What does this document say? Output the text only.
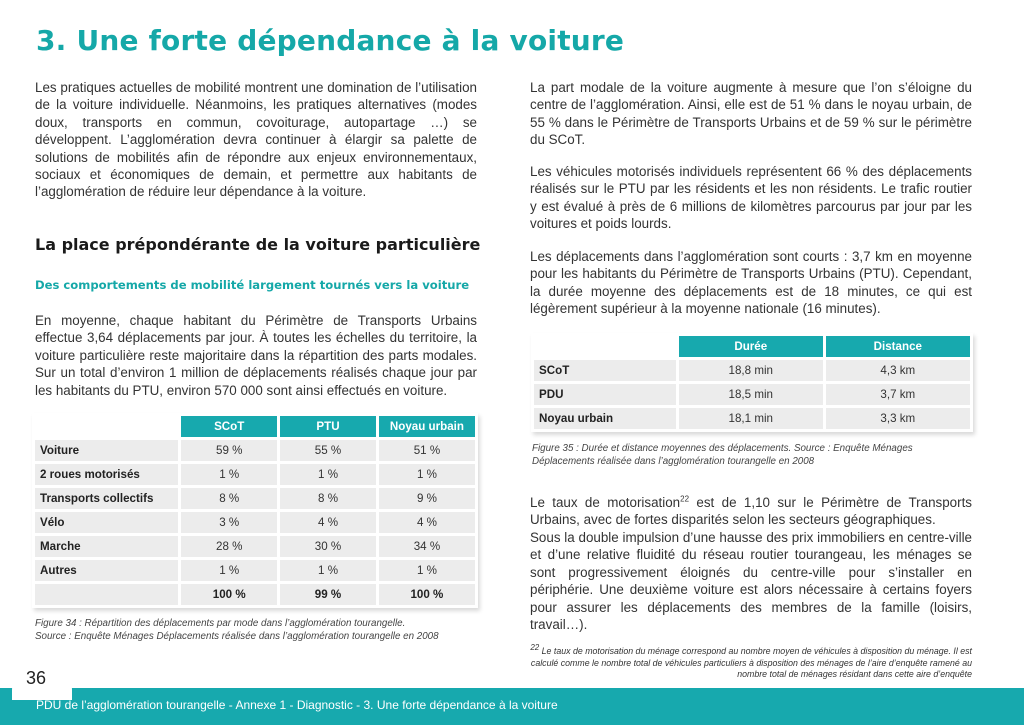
3. Une forte dépendance à la voiture

Les pratiques actuelles de mobilité montrent une domination de l’utilisation de la voiture individuelle. Néanmoins, les pratiques alternatives (modes doux, transports en commun, covoiturage, autopartage …) se développent. L’agglomération devra continuer à élargir sa palette de solutions de mobilités afin de répondre aux enjeux environnementaux, sociaux et économiques de demain, et permettre aux habitants de l’agglomération de réduire leur dépendance à la voiture.

La place prépondérante de la voiture particulière
Des comportements de mobilité largement tournés vers la voiture

En moyenne, chaque habitant du Périmètre de Transports Urbains effectue 3,64 déplacements par jour. À toutes les échelles du territoire, la voiture particulière reste majoritaire dans la répartition des parts modales. Sur un total d’environ 1 million de déplacements réalisés chaque jour par les habitants du PTU, environ 570 000 sont ainsi effectués en voiture.

	SCoT	PTU	Noyau urbain
Voiture	59 %	55 %	51 %
2 roues motorisés	1 %	1 %	1 %
Transports collectifs	8 %	8 %	9 %
Vélo	3 %	4 %	4 %
Marche	28 %	30 %	34 %
Autres	1 %	1 %	1 %
	100 %	99 %	100 %
Figure 34 : Répartition des déplacements par mode dans l’agglomération tourangelle.
Source : Enquête Ménages Déplacements réalisée dans l’agglomération tourangelle en 2008

La part modale de la voiture augmente à mesure que l’on s’éloigne du centre de l’agglomération. Ainsi, elle est de 51 % dans le noyau urbain, de 55 % dans le Périmètre de Transports Urbains et de 59 % sur le périmètre du SCoT.

Les véhicules motorisés individuels représentent 66 % des déplacements réalisés sur le PTU par les résidents et les non résidents. Le trafic routier y est évalué à près de 6 millions de kilomètres parcourus par jour par les voitures et poids lourds.

Les déplacements dans l’agglomération sont courts : 3,7 km en moyenne pour les habitants du Périmètre de Transports Urbains (PTU). Cependant, la durée moyenne des déplacements est de 18 minutes, ce qui est légèrement supérieur à la moyenne nationale (16 minutes).

	Durée	Distance
SCoT	18,8 min	4,3 km
PDU	18,5 min	3,7 km
Noyau urbain	18,1 min	3,3 km
Figure 35 : Durée et distance moyennes des déplacements. Source : Enquête Ménages
Déplacements réalisée dans l’agglomération tourangelle en 2008

Le taux de motorisation$^{22}$ est de 1,10 sur le Périmètre de Transports Urbains, avec de fortes disparités selon les secteurs géographiques.

Sous la double impulsion d’une hausse des prix immobiliers en centre-ville et d’une relative fluidité du réseau routier tourangeau, les ménages se sont progressivement éloignés du centre-ville pour s’installer en périphérie. Une deuxième voiture est alors nécessaire à certains foyers pour assurer les déplacements des membres de la famille (loisirs, travail…).

$^{22}$ Le taux de motorisation du ménage correspond au nombre moyen de véhicules à disposition du ménage. Il est calculé comme le nombre total de véhicules particuliers à disposition des ménages de l’aire d’enquête ramené au nombre total de ménages résidant dans cette aire d’enquête
36
PDU de l’agglomération tourangelle - Annexe 1 - Diagnostic - 3. Une forte dépendance à la voiture
